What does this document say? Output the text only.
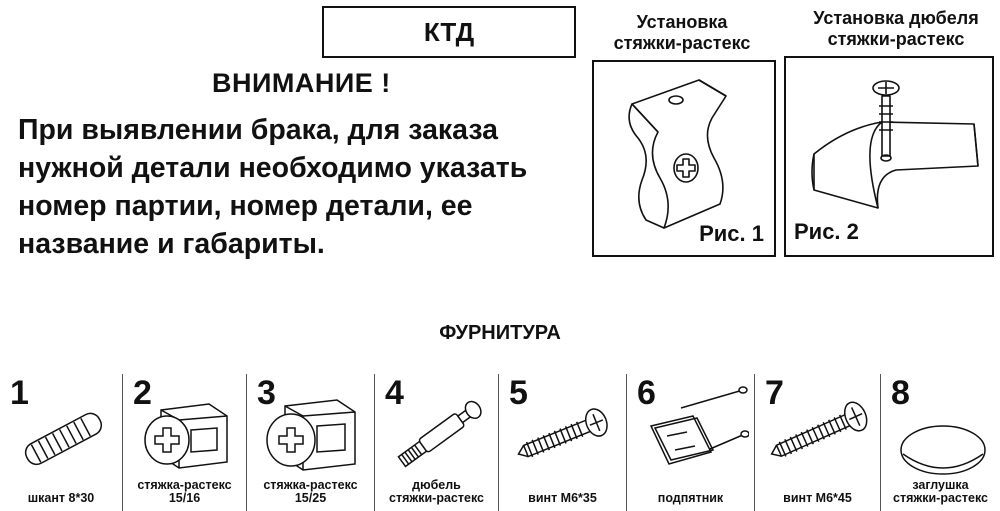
КТД
ВНИМАНИЕ !
При выявлении брака, для заказа
нужной детали необходимо указать
номер партии, номер детали, ее
название и габариты.
Установка
стяжки-растекс
Рис. 1
Установка дюбеля
стяжки-растекс
Рис. 2
ФУРНИТУРА
1
шкант 8*30
2
стяжка-растекс
15/16
3
стяжка-растекс
15/25
4
дюбель
стяжки-растекс
5
винт М6*35
6
подпятник
7
винт М6*45
8
заглушка
стяжки-растекс
